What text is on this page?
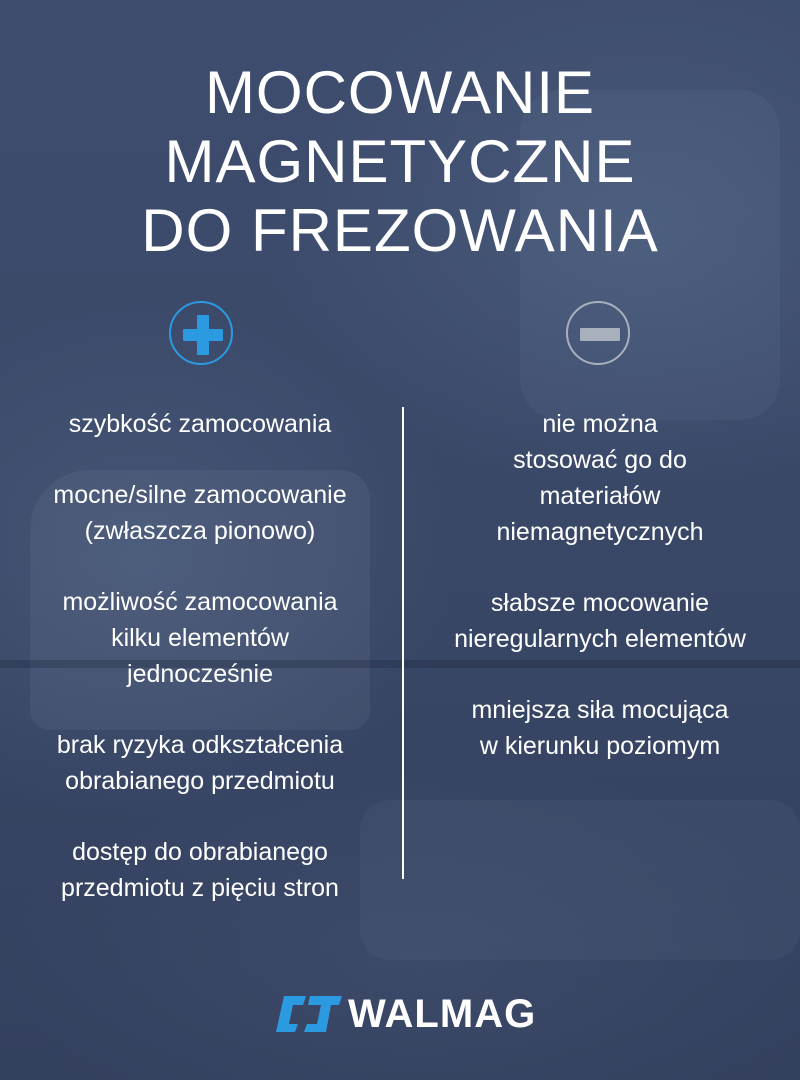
MOCOWANIE
MAGNETYCZNE
DO FREZOWANIA

szybkość zamocowania

mocne/silne zamocowanie
(zwłaszcza pionowo)

możliwość zamocowania
kilku elementów
jednocześnie

brak ryzyka odkształcenia
obrabianego przedmiotu

dostęp do obrabianego
przedmiotu z pięciu stron

nie można
stosować go do
materiałów
niemagnetycznych

słabsze mocowanie
nieregularnych elementów

mniejsza siła mocująca
w kierunku poziomym

WALMAG
